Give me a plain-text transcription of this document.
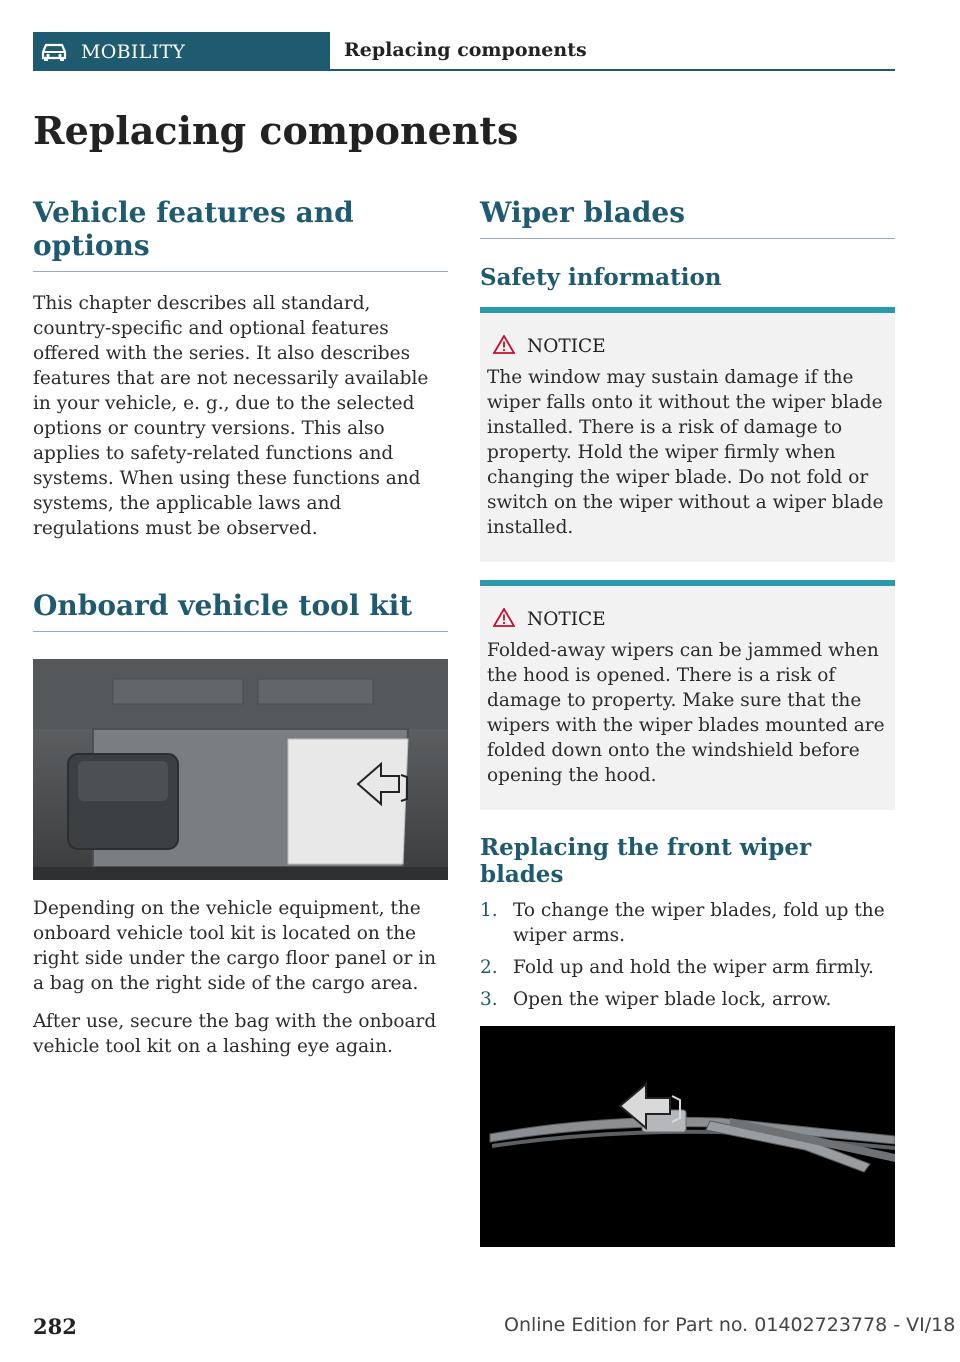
MOBILITY	Replacing components
Replacing components
Vehicle features and options

This chapter describes all standard, country-specific and optional features offered with the series. It also describes features that are not necessarily available in your vehicle, e. g., due to the selected options or country versions. This also applies to safety-related functions and systems. When using these functions and systems, the applicable laws and regulations must be observed.

Onboard vehicle tool kit

Depending on the vehicle equipment, the onboard vehicle tool kit is located on the right side under the cargo floor panel or in a bag on the right side of the cargo area.

After use, secure the bag with the onboard vehicle tool kit on a lashing eye again.

Wiper blades
Safety information
NOTICE

The window may sustain damage if the wiper falls onto it without the wiper blade installed. There is a risk of damage to property. Hold the wiper firmly when changing the wiper blade. Do not fold or switch on the wiper without a wiper blade installed.

NOTICE

Folded-away wipers can be jammed when the hood is opened. There is a risk of damage to property. Make sure that the wipers with the wiper blades mounted are folded down onto the windshield before opening the hood.

Replacing the front wiper blades
1. To change the wiper blades, fold up the wiper arms.
2. Fold up and hold the wiper arm firmly.
3. Open the wiper blade lock, arrow.
282	Online Edition for Part no. 01402723778 - VI/18
